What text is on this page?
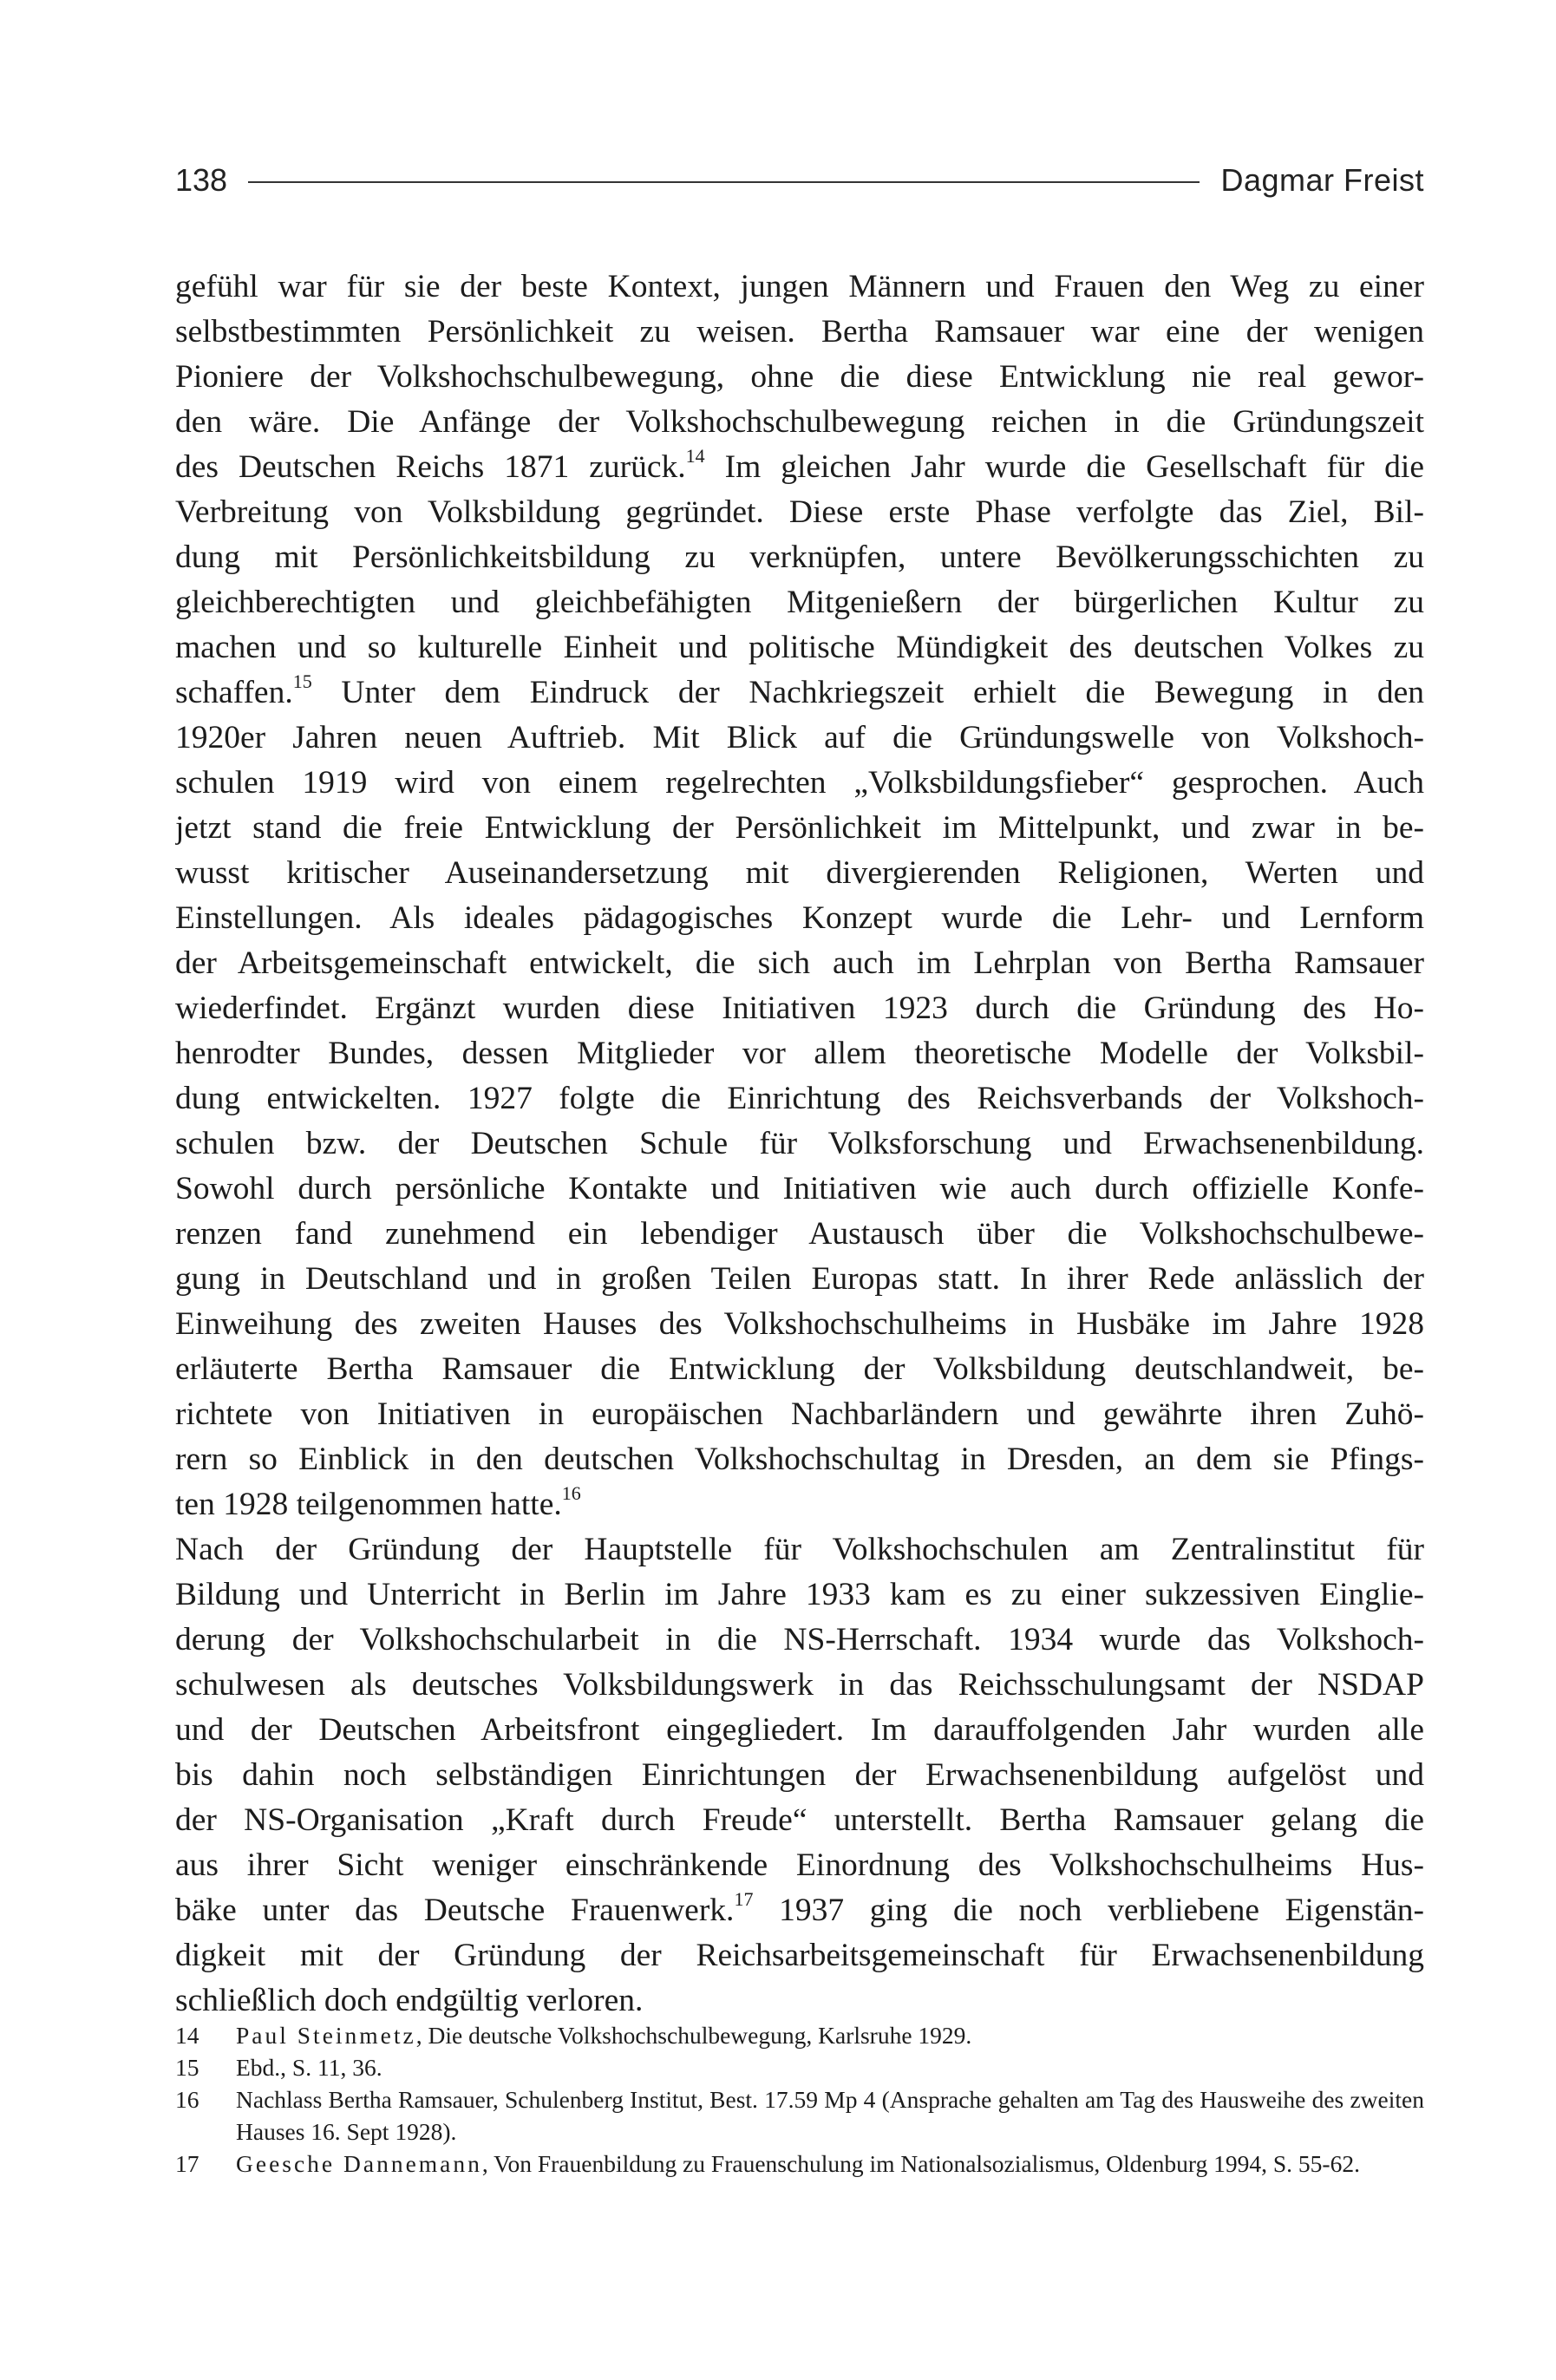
138	Dagmar Freist
gefühl war für sie der beste Kontext, jungen Männern und Frauen den Weg zu einer
selbstbestimmten Persönlichkeit zu weisen. Bertha Ramsauer war eine der wenigen
Pioniere der Volkshochschulbewegung, ohne die diese Entwicklung nie real gewor-
den wäre. Die Anfänge der Volkshochschulbewegung reichen in die Gründungszeit
des Deutschen Reichs 1871 zurück.$^{14}$ Im gleichen Jahr wurde die Gesellschaft für die
Verbreitung von Volksbildung gegründet. Diese erste Phase verfolgte das Ziel, Bil-
dung mit Persönlichkeitsbildung zu verknüpfen, untere Bevölkerungsschichten zu
gleichberechtigten und gleichbefähigten Mitgenießern der bürgerlichen Kultur zu
machen und so kulturelle Einheit und politische Mündigkeit des deutschen Volkes zu
schaffen.$^{15}$ Unter dem Eindruck der Nachkriegszeit erhielt die Bewegung in den
1920er Jahren neuen Auftrieb. Mit Blick auf die Gründungswelle von Volkshoch-
schulen 1919 wird von einem regelrechten „Volksbildungsfieber“ gesprochen. Auch
jetzt stand die freie Entwicklung der Persönlichkeit im Mittelpunkt, und zwar in be-
wusst kritischer Auseinandersetzung mit divergierenden Religionen, Werten und
Einstellungen. Als ideales pädagogisches Konzept wurde die Lehr- und Lernform
der Arbeitsgemeinschaft entwickelt, die sich auch im Lehrplan von Bertha Ramsauer
wiederfindet. Ergänzt wurden diese Initiativen 1923 durch die Gründung des Ho-
henrodter Bundes, dessen Mitglieder vor allem theoretische Modelle der Volksbil-
dung entwickelten. 1927 folgte die Einrichtung des Reichsverbands der Volkshoch-
schulen bzw. der Deutschen Schule für Volksforschung und Erwachsenenbildung.
Sowohl durch persönliche Kontakte und Initiativen wie auch durch offizielle Konfe-
renzen fand zunehmend ein lebendiger Austausch über die Volkshochschulbewe-
gung in Deutschland und in großen Teilen Europas statt. In ihrer Rede anlässlich der
Einweihung des zweiten Hauses des Volkshochschulheims in Husbäke im Jahre 1928
erläuterte Bertha Ramsauer die Entwicklung der Volksbildung deutschlandweit, be-
richtete von Initiativen in europäischen Nachbarländern und gewährte ihren Zuhö-
rern so Einblick in den deutschen Volkshochschultag in Dresden, an dem sie Pfings-
ten 1928 teilgenommen hatte.$^{16}$
Nach der Gründung der Hauptstelle für Volkshochschulen am Zentralinstitut für
Bildung und Unterricht in Berlin im Jahre 1933 kam es zu einer sukzessiven Einglie-
derung der Volkshochschularbeit in die NS-Herrschaft. 1934 wurde das Volkshoch-
schulwesen als deutsches Volksbildungswerk in das Reichsschulungsamt der NSDAP
und der Deutschen Arbeitsfront eingegliedert. Im darauffolgenden Jahr wurden alle
bis dahin noch selbständigen Einrichtungen der Erwachsenenbildung aufgelöst und
der NS-Organisation „Kraft durch Freude“ unterstellt. Bertha Ramsauer gelang die
aus ihrer Sicht weniger einschränkende Einordnung des Volkshochschulheims Hus-
bäke unter das Deutsche Frauenwerk.$^{17}$ 1937 ging die noch verbliebene Eigenstän-
digkeit mit der Gründung der Reichsarbeitsgemeinschaft für Erwachsenenbildung
schließlich doch endgültig verloren.
14	Paul Steinmetz, Die deutsche Volkshochschulbewegung, Karlsruhe 1929.
15	Ebd., S. 11, 36.
16	Nachlass Bertha Ramsauer, Schulenberg Institut, Best. 17.59 Mp 4 (Ansprache gehalten am Tag des Hausweihe des zweiten Hauses 16. Sept 1928).
17	Geesche Dannemann, Von Frauenbildung zu Frauenschulung im Nationalsozialismus, Oldenburg 1994, S. 55-62.
